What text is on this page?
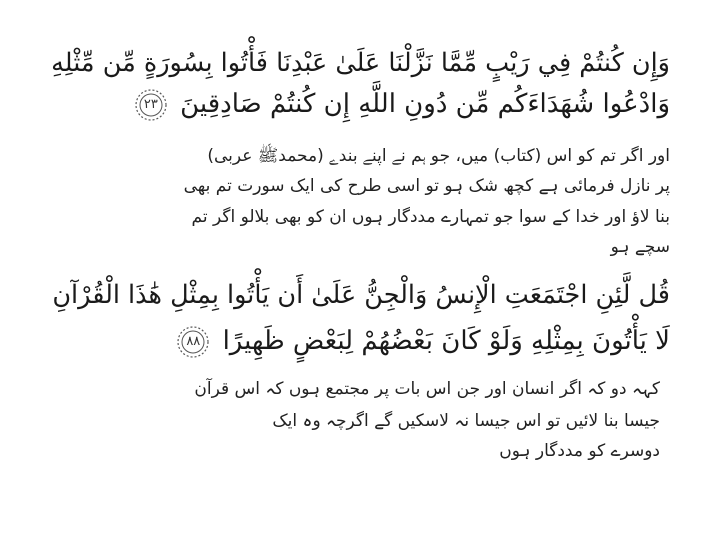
وَإِن كُنتُمْ فِي رَيْبٍ مِّمَّا نَزَّلْنَا عَلَىٰ عَبْدِنَا فَأْتُوا بِسُورَةٍ مِّن مِّثْلِهِ
وَادْعُوا شُهَدَاءَكُم مِّن دُونِ اللَّهِ إِن كُنتُمْ صَادِقِينَ
٢٣
اور اگر تم کو اس (کتاب) میں، جو ہم نے اپنے بندے (محمدﷺ عربی)
پر نازل فرمائی ہے کچھ شک ہو تو اسی طرح کی ایک سورت تم بھی
بنا لاؤ اور خدا کے سوا جو تمہارے مددگار ہوں ان کو بھی بلالو اگر تم
سچے ہو
قُل لَّئِنِ اجْتَمَعَتِ الْإِنسُ وَالْجِنُّ عَلَىٰ أَن يَأْتُوا بِمِثْلِ هَٰذَا الْقُرْآنِ
لَا يَأْتُونَ بِمِثْلِهِ وَلَوْ كَانَ بَعْضُهُمْ لِبَعْضٍ ظَهِيرًا
٨٨
کہہ دو کہ اگر انسان اور جن اس بات پر مجتمع ہوں کہ اس قرآن
جیسا بنا لائیں تو اس جیسا نہ لاسکیں گے اگرچہ وہ ایک
دوسرے کو مددگار ہوں
